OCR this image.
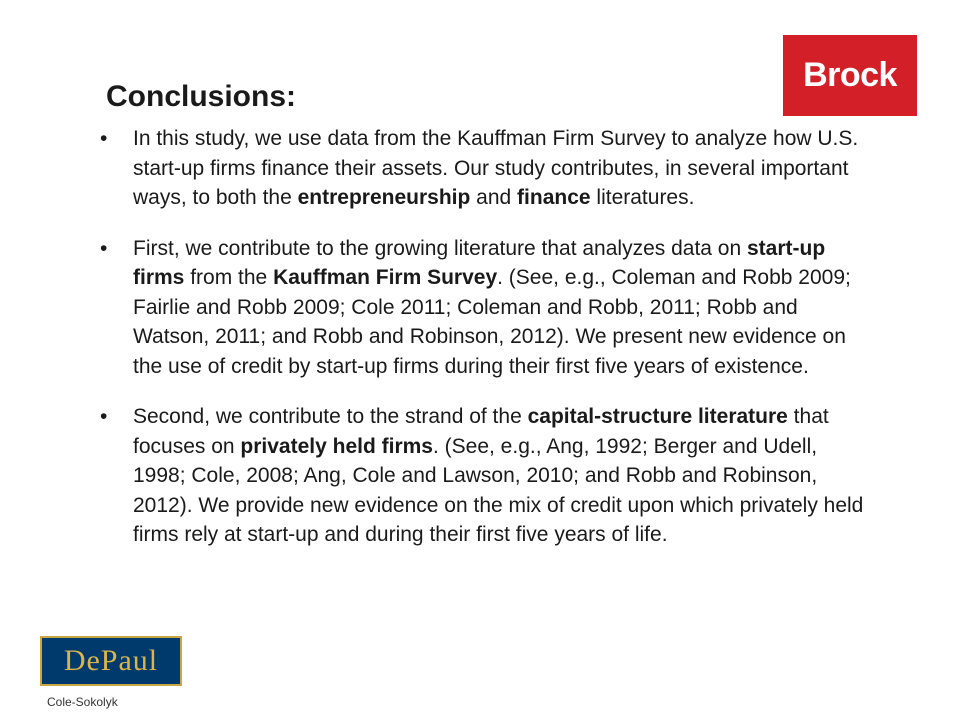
Conclusions:
Brock
• In this study, we use data from the Kauffman Firm Survey to analyze how U.S. start-up firms finance their assets. Our study contributes, in several important ways, to both the entrepreneurship and finance literatures.
• First, we contribute to the growing literature that analyzes data on start-up firms from the Kauffman Firm Survey. (See, e.g., Coleman and Robb 2009; Fairlie and Robb 2009; Cole 2011; Coleman and Robb, 2011; Robb and Watson, 2011; and Robb and Robinson, 2012). We present new evidence on the use of credit by start-up firms during their first five years of existence.
• Second, we contribute to the strand of the capital-structure literature that focuses on privately held firms. (See, e.g., Ang, 1992; Berger and Udell, 1998; Cole, 2008; Ang, Cole and Lawson, 2010; and Robb and Robinson, 2012). We provide new evidence on the mix of credit upon which privately held firms rely at start-up and during their first five years of life.
DePaul
Cole-Sokolyk
